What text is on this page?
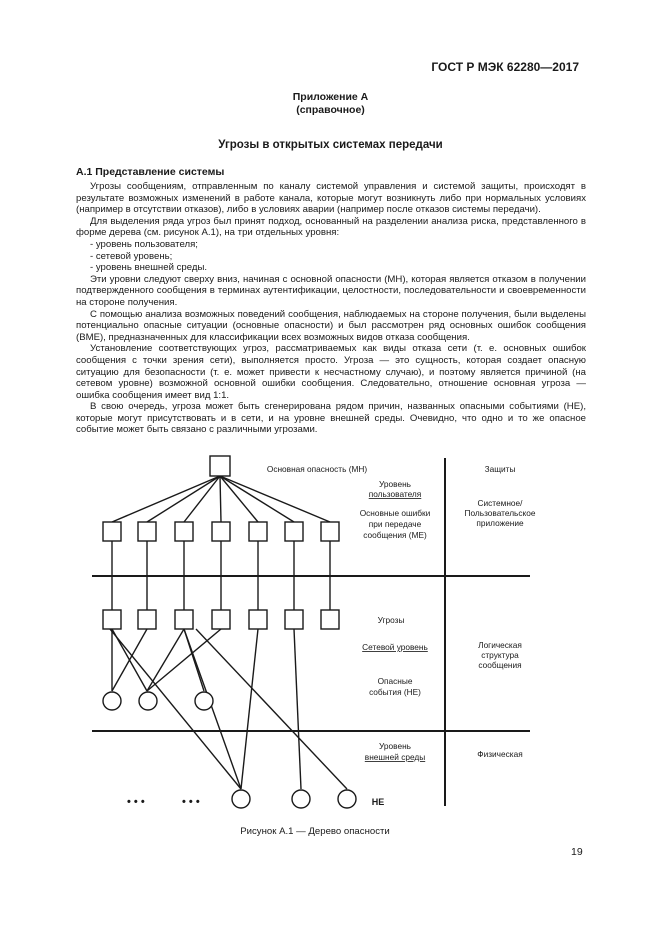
ГОСТ Р МЭК 62280—2017
Приложение А
(справочное)
Угрозы в открытых системах передачи
А.1 Представление системы

Угрозы сообщениям, отправленным по каналу системой управления и системой защиты, происходят в результате возможных изменений в работе канала, которые могут возникнуть либо при нормальных условиях (например в отсутствии отказов), либо в условиях аварии (например после отказов системы передачи).

Для выделения ряда угроз был принят подход, основанный на разделении анализа риска, представленного в форме дерева (см. рисунок А.1), на три отдельных уровня:

- уровень пользователя;

- сетевой уровень;

- уровень внешней среды.

Эти уровни следуют сверху вниз, начиная с основной опасности (МН), которая является отказом в получении подтвержденного сообщения в терминах аутентификации, целостности, последовательности и своевременности на стороне получения.

С помощью анализа возможных поведений сообщения, наблюдаемых на стороне получения, были выделены потенциально опасные ситуации (основные опасности) и был рассмотрен ряд основных ошибок сообщения (ВМЕ), предназначенных для классификации всех возможных видов отказа сообщения.

Установление соответствующих угроз, рассматриваемых как виды отказа сети (т. е. основных ошибок сообщения с точки зрения сети), выполняется просто. Угроза — это сущность, которая создает опасную ситуацию для безопасности (т. е. может привести к несчастному случаю), и поэтому является причиной (на сетевом уровне) возможной основной ошибки сообщения. Следовательно, отношение основная угроза — ошибка сообщения имеет вид 1:1.

В свою очередь, угроза может быть сгенерирована рядом причин, названных опасными событиями (НЕ), которые могут присутствовать и в сети, и на уровне внешней среды. Очевидно, что одно и то же опасное событие может быть связано с различными угрозами.

• • •	• • •
Основная опасность (МН)
Уровень
пользователя
Основные ошибки
при передаче
сообщения (МЕ)
Угрозы
Сетевой уровень
Опасные
события (НЕ)
Уровень
внешней среды
НЕ
Защиты
Системное/
Пользовательское
приложение
Логическая
структура
сообщения
Физическая
Рисунок А.1 — Дерево опасности
19
